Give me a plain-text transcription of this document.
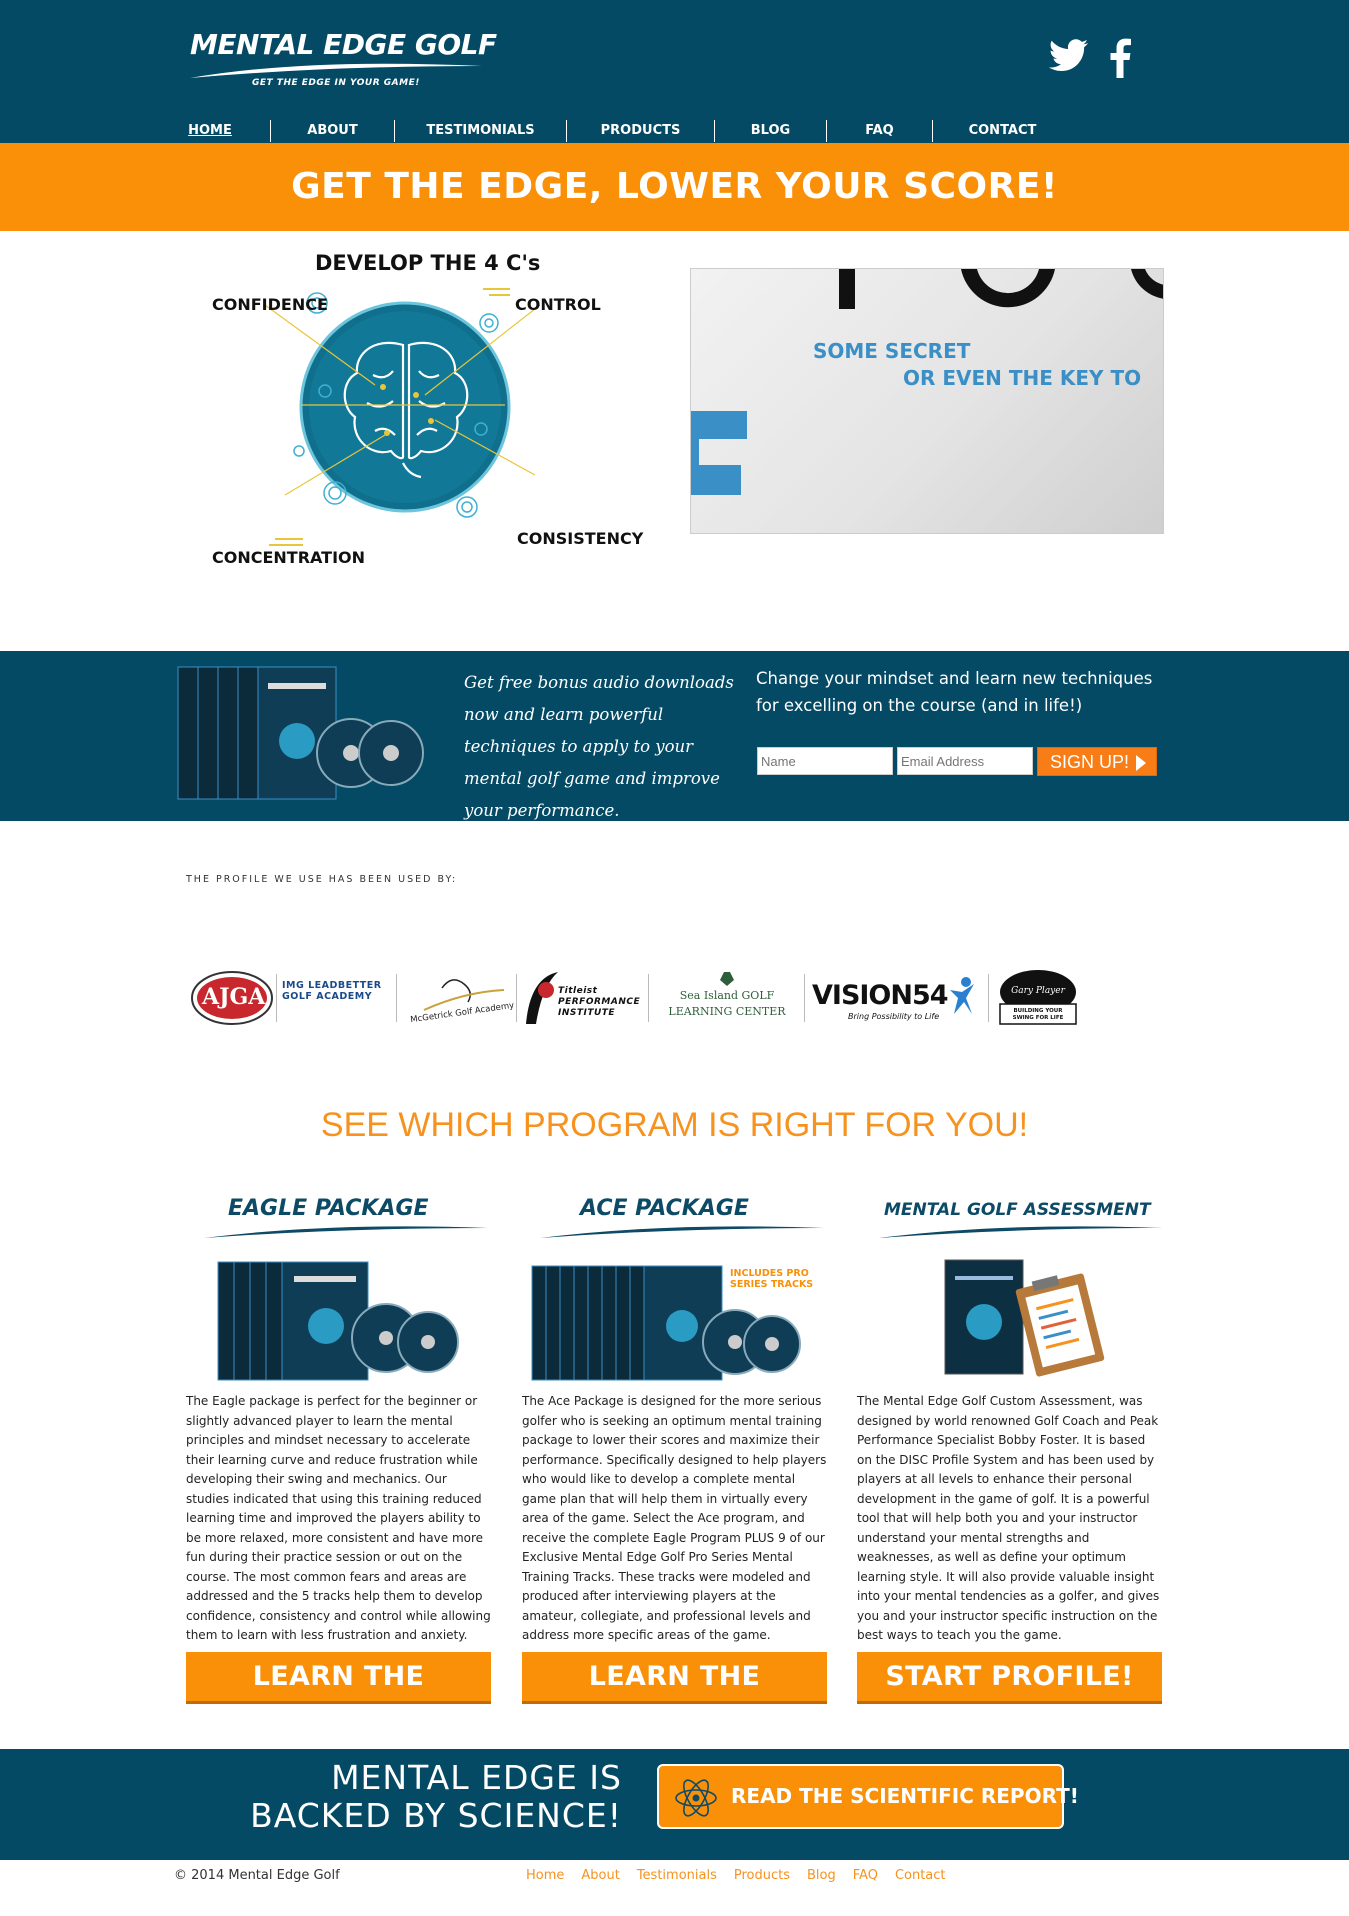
MENTAL EDGE GOLF
GET THE EDGE IN YOUR GAME!
HOME	ABOUT	TESTIMONIALS	PRODUCTS	BLOG	FAQ	CONTACT
GET THE EDGE, LOWER YOUR SCORE!
DEVELOP THE 4 C's
CONFIDENCE	CONTROL
CONCENTRATION
CONSISTENCY
SOME SECRET
OR EVEN THE KEY TO
Get free bonus audio downloads now and learn powerful techniques to apply to your mental golf game and improve your performance.
Change your mindset and learn new techniques for excelling on the course (and in life!)
Name
Email Address
SIGN UP!
THE PROFILE WE USE HAS BEEN USED BY:
AJGA IMG LEADBETTER GOLF ACADEMY
McGetrick Golf Academy
Titleist PERFORMANCE INSTITUTE
Sea Island GOLF LEARNING CENTER
VISION54
Bring Possibility to Life
Gary Player
BUILDING YOUR SWING FOR LIFE
SEE WHICH PROGRAM IS RIGHT FOR YOU!
EAGLE PACKAGE
The Eagle package is perfect for the beginner or slightly advanced player to learn the mental principles and mindset necessary to accelerate their learning curve and reduce frustration while developing their swing and mechanics. Our studies indicated that using this training reduced learning time and improved the players ability to be more relaxed, more consistent and have more fun during their practice session or out on the course. The most common fears and areas are addressed and the 5 tracks help them to develop confidence, consistency and control while allowing them to learn with less frustration and anxiety.
LEARN THE SECRETS!
ACE PACKAGE
INCLUDES PRO SERIES TRACKS
The Ace Package is designed for the more serious golfer who is seeking an optimum mental training package to lower their scores and maximize their performance. Specifically designed to help players who would like to develop a complete mental game plan that will help them in virtually every area of the game. Select the Ace program, and receive the complete Eagle Program PLUS 9 of our Exclusive Mental Edge Golf Pro Series Mental Training Tracks. These tracks were modeled and produced after interviewing players at the amateur, collegiate, and professional levels and address more specific areas of the game.
LEARN THE SECRETS!
MENTAL GOLF ASSESSMENT
The Mental Edge Golf Custom Assessment, was designed by world renowned Golf Coach and Peak Performance Specialist Bobby Foster. It is based on the DISC Profile System and has been used by players at all levels to enhance their personal development in the game of golf. It is a powerful tool that will help both you and your instructor understand your mental strengths and weaknesses, as well as define your optimum learning style. It will also provide valuable insight into your mental tendencies as a golfer, and gives you and your instructor specific instruction on the best ways to teach you the game.
START PROFILE!
MENTAL EDGE IS
BACKED BY SCIENCE!	READ THE SCIENTIFIC REPORT!
© 2014 Mental Edge Golf	Home About Testimonials Products Blog FAQ Contact
